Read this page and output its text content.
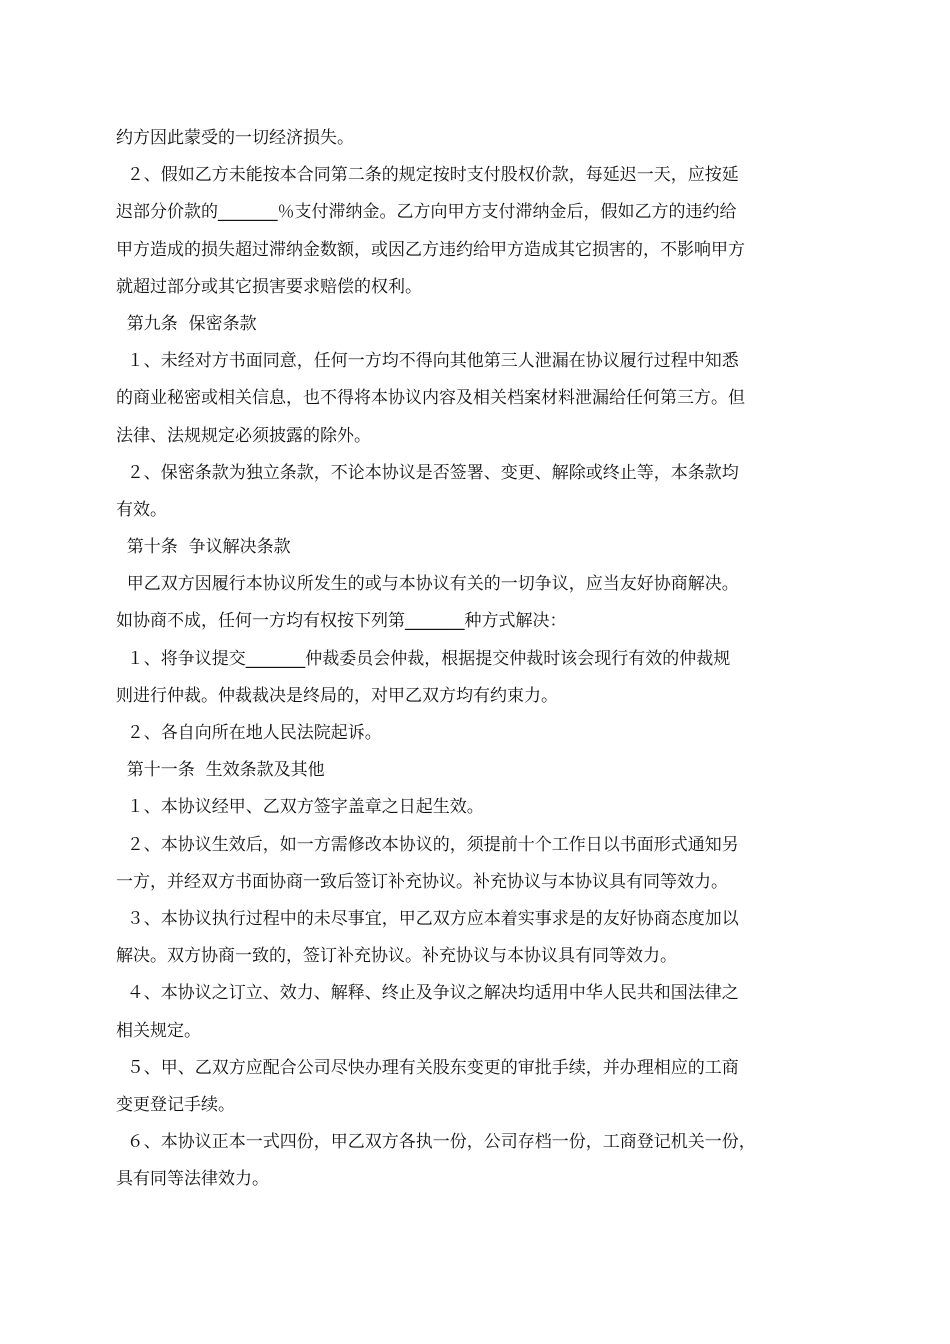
约方因此蒙受的一切经济损失。
２、假如乙方未能按本合同第二条的规定按时支付股权价款，每延迟一天，应按延
迟部分价款的_______％支付滞纳金。乙方向甲方支付滞纳金后，假如乙方的违约给
甲方造成的损失超过滞纳金数额，或因乙方违约给甲方造成其它损害的，不影响甲方
就超过部分或其它损害要求赔偿的权利。
第九条  保密条款
１、未经对方书面同意，任何一方均不得向其他第三人泄漏在协议履行过程中知悉
的商业秘密或相关信息，也不得将本协议内容及相关档案材料泄漏给任何第三方。但
法律、法规规定必须披露的除外。
２、保密条款为独立条款，不论本协议是否签署、变更、解除或终止等，本条款均
有效。
第十条  争议解决条款
甲乙双方因履行本协议所发生的或与本协议有关的一切争议，应当友好协商解决。
如协商不成，任何一方均有权按下列第_______种方式解决：
１、将争议提交_______仲裁委员会仲裁，根据提交仲裁时该会现行有效的仲裁规
则进行仲裁。仲裁裁决是终局的，对甲乙双方均有约束力。
２、各自向所在地人民法院起诉。
第十一条  生效条款及其他
１、本协议经甲、乙双方签字盖章之日起生效。
２、本协议生效后，如一方需修改本协议的，须提前十个工作日以书面形式通知另
一方，并经双方书面协商一致后签订补充协议。补充协议与本协议具有同等效力。
３、本协议执行过程中的未尽事宜，甲乙双方应本着实事求是的友好协商态度加以
解决。双方协商一致的，签订补充协议。补充协议与本协议具有同等效力。
４、本协议之订立、效力、解释、终止及争议之解决均适用中华人民共和国法律之
相关规定。
５、甲、乙双方应配合公司尽快办理有关股东变更的审批手续，并办理相应的工商
变更登记手续。
６、本协议正本一式四份，甲乙双方各执一份，公司存档一份，工商登记机关一份，
具有同等法律效力。
